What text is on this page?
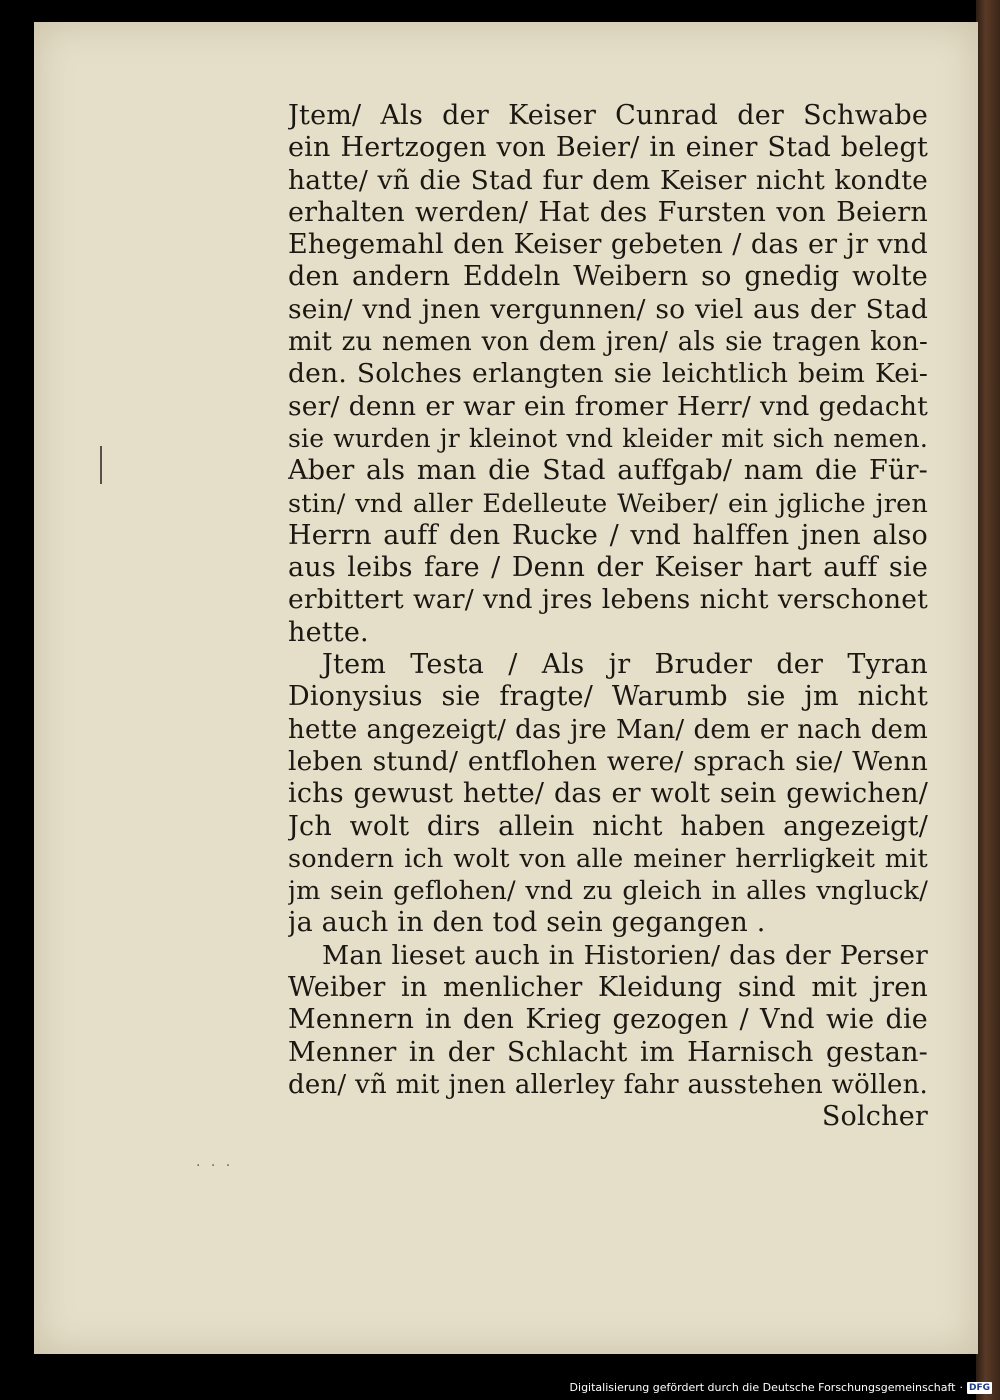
· · ·
Jtem/ Als der Keiser Cunrad der Schwabe
ein Hertzogen von Beier/ in einer Stad belegt
hatte/ vñ die Stad fur dem Keiser nicht kondte
erhalten werden/ Hat des Fursten von Beiern
Ehegemahl den Keiser gebeten / das er jr vnd
den andern Eddeln Weibern so gnedig wolte
sein/ vnd jnen vergunnen/ so viel aus der Stad
mit zu nemen von dem jren/ als sie tragen kon-
den. Solches erlangten sie leichtlich beim Kei-
ser/ denn er war ein fromer Herr/ vnd gedacht
sie wurden jr kleinot vnd kleider mit sich nemen.
Aber als man die Stad auffgab/ nam die Für-
stin/ vnd aller Edelleute Weiber/ ein jgliche jren
Herrn auff den Rucke / vnd halffen jnen also
aus leibs fare / Denn der Keiser hart auff sie
erbittert war/ vnd jres lebens nicht verschonet
hette.
Jtem Testa / Als jr Bruder der Tyran
Dionysius sie fragte/ Warumb sie jm nicht
hette angezeigt/ das jre Man/ dem er nach dem
leben stund/ entflohen were/ sprach sie/ Wenn
ichs gewust hette/ das er wolt sein gewichen/
Jch wolt dirs allein nicht haben angezeigt/
sondern ich wolt von alle meiner herrligkeit mit
jm sein geflohen/ vnd zu gleich in alles vngluck/
ja auch in den tod sein gegangen .
Man lieset auch in Historien/ das der Perser
Weiber in menlicher Kleidung sind mit jren
Mennern in den Krieg gezogen / Vnd wie die
Menner in der Schlacht im Harnisch gestan-
den/ vñ mit jnen allerley fahr ausstehen wöllen.
Solcher
Digitalisierung gefördert durch die Deutsche Forschungsgemeinschaft · DFG
